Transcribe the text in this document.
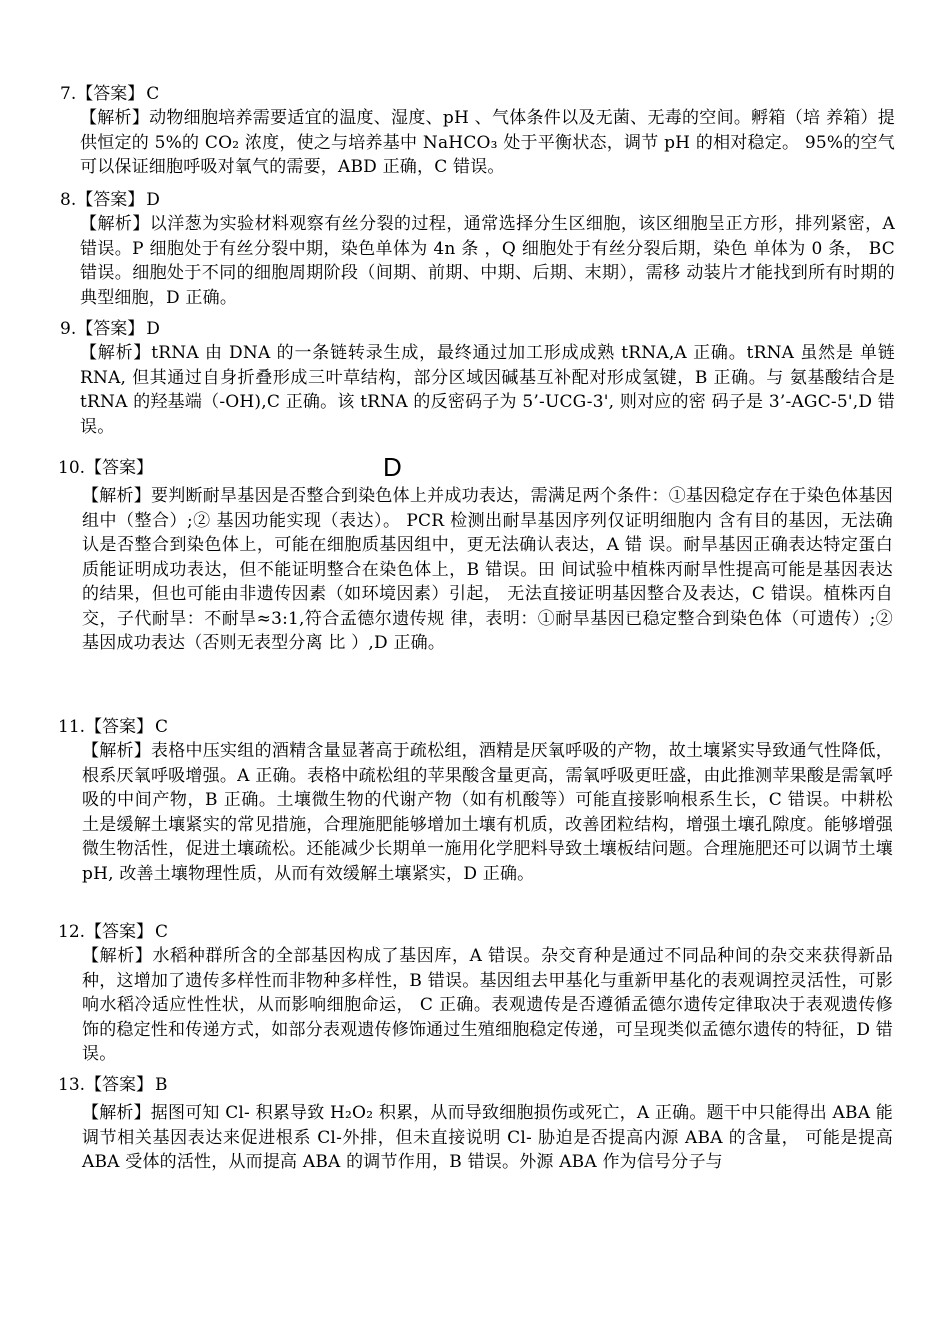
7.【答案】 C
【解析】动物细胞培养需要适宜的温度、湿度、pH 、气体条件以及无菌、无毒的空间。孵箱（培 养箱）提供恒定的 5%的 CO₂ 浓度，使之与培养基中 NaHCO₃ 处于平衡状态，调节 pH 的相对稳定。 95%的空气可以保证细胞呼吸对氧气的需要，ABD 正确，C 错误。
8.【答案】 D
【解析】以洋葱为实验材料观察有丝分裂的过程，通常选择分生区细胞，该区细胞呈正方形，排列紧密，A 错误。P 细胞处于有丝分裂中期，染色单体为 4n 条 ，Q 细胞处于有丝分裂后期，染色 单体为 0 条， BC 错误。细胞处于不同的细胞周期阶段（间期、前期、中期、后期、末期），需移 动装片才能找到所有时期的典型细胞，D 正确。
9.【答案】 D
【解析】tRNA 由 DNA 的一条链转录生成，最终通过加工形成成熟 tRNA,A 正确。tRNA 虽然是 单链 RNA, 但其通过自身折叠形成三叶草结构，部分区域因碱基互补配对形成氢键，B 正确。与 氨基酸结合是 tRNA 的羟基端（-OH),C 正确。该 tRNA 的反密码子为 5’-UCG-3', 则对应的密 码子是 3’-AGC-5',D 错误。
10.【答案】	D
【解析】要判断耐旱基因是否整合到染色体上并成功表达，需满足两个条件：①基因稳定存在于染色体基因组中（整合）;② 基因功能实现（表达）。 PCR 检测出耐旱基因序列仅证明细胞内 含有目的基因，无法确认是否整合到染色体上，可能在细胞质基因组中，更无法确认表达，A 错 误。耐旱基因正确表达特定蛋白质能证明成功表达，但不能证明整合在染色体上，B 错误。田 间试验中植株丙耐旱性提高可能是基因表达的结果，但也可能由非遗传因素（如环境因素）引起， 无法直接证明基因整合及表达，C 错误。植株丙自交，子代耐旱：不耐旱≈3:1,符合孟德尔遗传规 律，表明：①耐旱基因已稳定整合到染色体（可遗传）;② 基因成功表达（否则无表型分离 比 ）,D 正确。
11.【答案】 C
【解析】表格中压实组的酒精含量显著高于疏松组，酒精是厌氧呼吸的产物，故土壤紧实导致通气性降低，根系厌氧呼吸增强。A 正确。表格中疏松组的苹果酸含量更高，需氧呼吸更旺盛，由此推测苹果酸是需氧呼吸的中间产物，B 正确。土壤微生物的代谢产物（如有机酸等）可能直接影响根系生长，C 错误。中耕松土是缓解土壤紧实的常见措施，合理施肥能够增加土壤有机质，改善团粒结构，增强土壤孔隙度。能够增强微生物活性，促进土壤疏松。还能减少长期单一施用化学肥料导致土壤板结问题。合理施肥还可以调节土壤 pH, 改善土壤物理性质，从而有效缓解土壤紧实，D 正确。
12.【答案】 C
【解析】水稻种群所含的全部基因构成了基因库，A 错误。杂交育种是通过不同品种间的杂交来获得新品种，这增加了遗传多样性而非物种多样性，B 错误。基因组去甲基化与重新甲基化的表观调控灵活性，可影响水稻冷适应性性状，从而影响细胞命运， C 正确。表观遗传是否遵循孟德尔遗传定律取决于表观遗传修饰的稳定性和传递方式，如部分表观遗传修饰通过生殖细胞稳定传递，可呈现类似孟德尔遗传的特征，D 错误。
13.【答案】 B
【解析】据图可知 Cl- 积累导致 H₂O₂ 积累，从而导致细胞损伤或死亡，A 正确。题干中只能得出 ABA 能调节相关基因表达来促进根系 Cl-外排，但未直接说明 Cl- 胁迫是否提高内源 ABA 的含量， 可能是提高 ABA 受体的活性，从而提高 ABA 的调节作用，B 错误。外源 ABA 作为信号分子与
